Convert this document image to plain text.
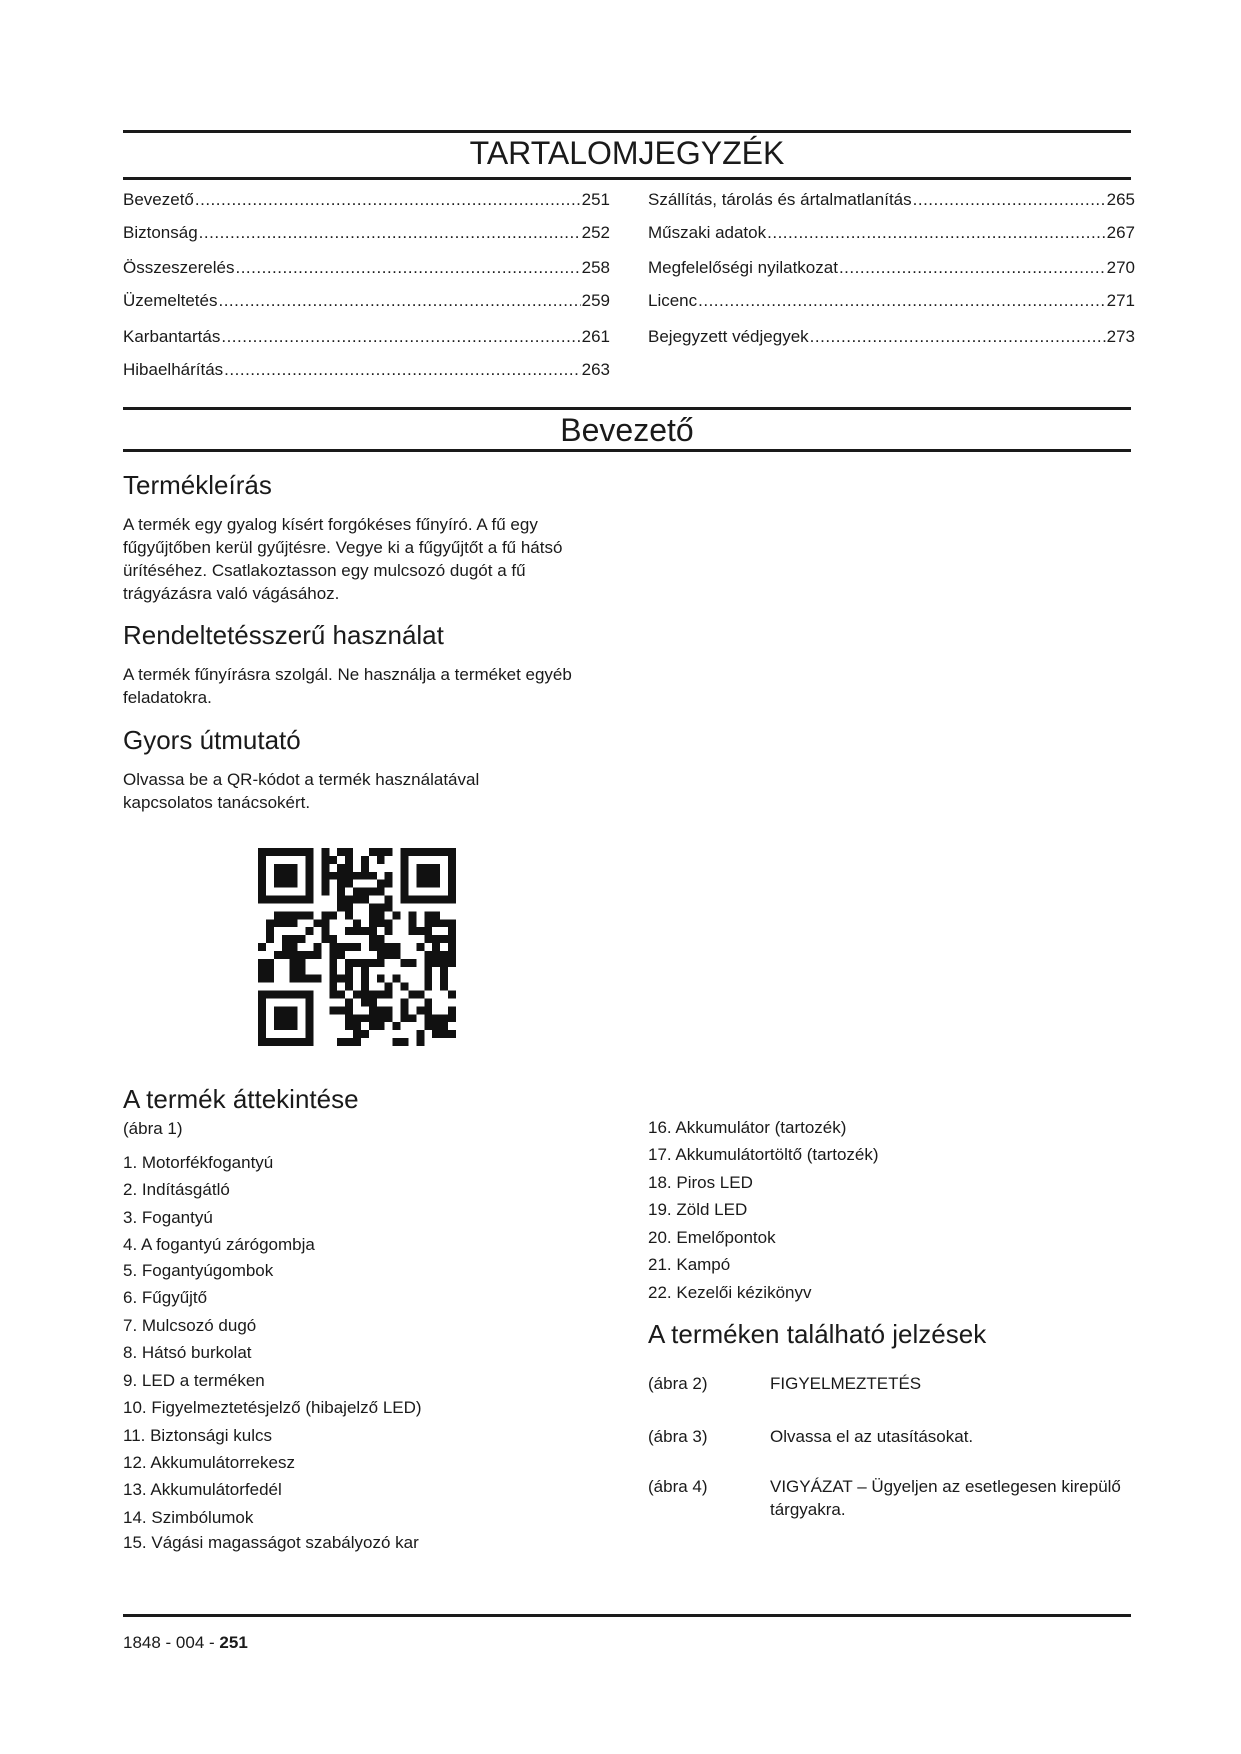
TARTALOMJEGYZÉK
Bevezető .....	251
Biztonság .....	252
Összeszerelés .....	258
Üzemeltetés .....	259
Karbantartás .....	261
Hibaelhárítás .....	263
Szállítás, tárolás és ártalmatlanítás .....	265
Műszaki adatok .....	267
Megfelelőségi nyilatkozat .....	270
Licenc .....	271
Bejegyzett védjegyek .....	273
Bevezető
Termékleírás

A termék egy gyalog kísért forgókéses fűnyíró. A fű egy fűgyűjtőben kerül gyűjtésre. Vegye ki a fűgyűjtőt a fű hátsó ürítéséhez. Csatlakoztasson egy mulcsozó dugót a fű trágyázásra való vágásához.

Rendeltetésszerű használat

A termék fűnyírásra szolgál. Ne használja a terméket egyéb feladatokra.

Gyors útmutató

Olvassa be a QR-kódot a termék használatával kapcsolatos tanácsokért.

A termék áttekintése

(ábra 1)

1. Motorfékfogantyú
2. Indításgátló
3. Fogantyú
4. A fogantyú zárógombja
5. Fogantyúgombok
6. Fűgyűjtő
7. Mulcsozó dugó
8. Hátsó burkolat
9. LED a terméken
10. Figyelmeztetésjelző (hibajelző LED)
11. Biztonsági kulcs
12. Akkumulátorrekesz
13. Akkumulátorfedél
14. Szimbólumok
15. Vágási magasságot szabályozó kar
16. Akkumulátor (tartozék)
17. Akkumulátortöltő (tartozék)
18. Piros LED
19. Zöld LED
20. Emelőpontok
21. Kampó
22. Kezelői kézikönyv
A terméken található jelzések
(ábra 2)	FIGYELMEZTETÉS
(ábra 3)	Olvassa el az utasításokat.
(ábra 4)	VIGYÁZAT – Ügyeljen az esetlegesen kirepülő tárgyakra.
1848 - 004 - 251
